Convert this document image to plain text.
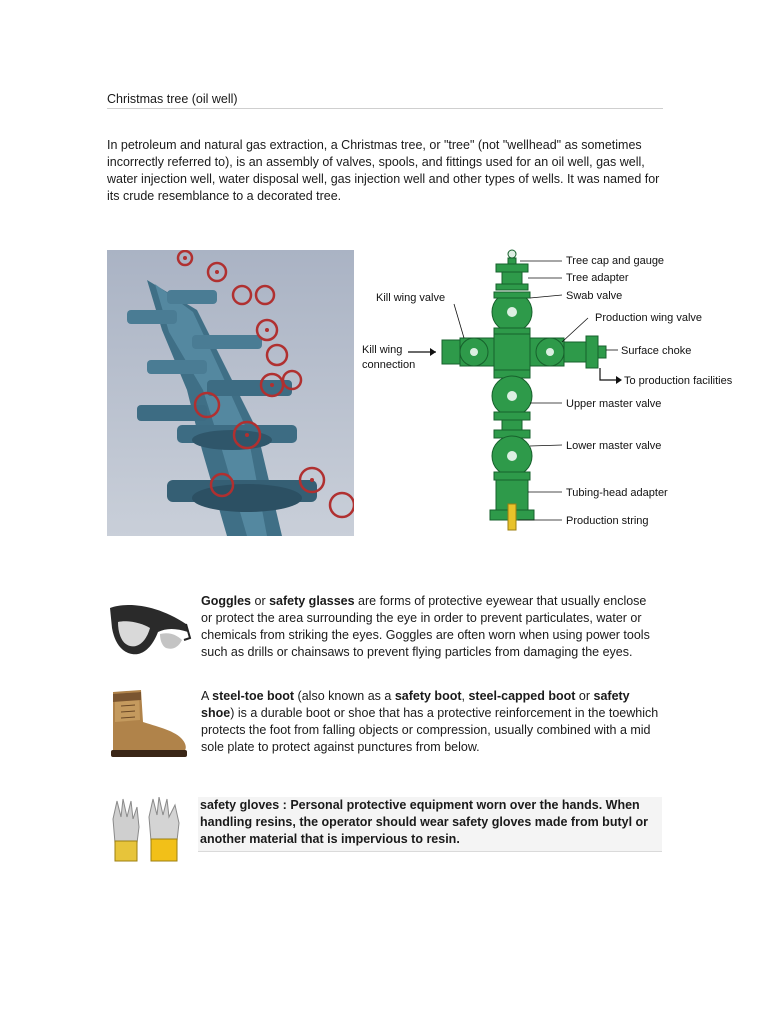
Christmas tree (oil well)
In petroleum and natural gas extraction, a Christmas tree, or "tree" (not "wellhead" as sometimes incorrectly referred to), is an assembly of valves, spools, and fittings used for an oil well, gas well, water injection well, water disposal well, gas injection well and other types of wells. It was named for its crude resemblance to a decorated tree.
Tree cap and gauge
Tree adapter
Swab valve
Kill wing valve
Production wing valve
Kill wing
connection
Surface choke
To production facilities
Upper master valve
Lower master valve
Tubing-head adapter
Production string
Goggles or safety glasses are forms of protective eyewear that usually enclose or protect the area surrounding the eye in order to prevent particulates, water or chemicals from striking the eyes. Goggles are often worn when using power tools such as drills or chainsaws to prevent flying particles from damaging the eyes.
A steel-toe boot (also known as a safety boot, steel-capped boot or safety shoe) is a durable boot or shoe that has a protective reinforcement in the toewhich protects the foot from falling objects or compression, usually combined with a mid sole plate to protect against punctures from below.
safety gloves : Personal protective equipment worn over the hands. When handling resins, the operator should wear safety gloves made from butyl or another material that is impervious to resin.
